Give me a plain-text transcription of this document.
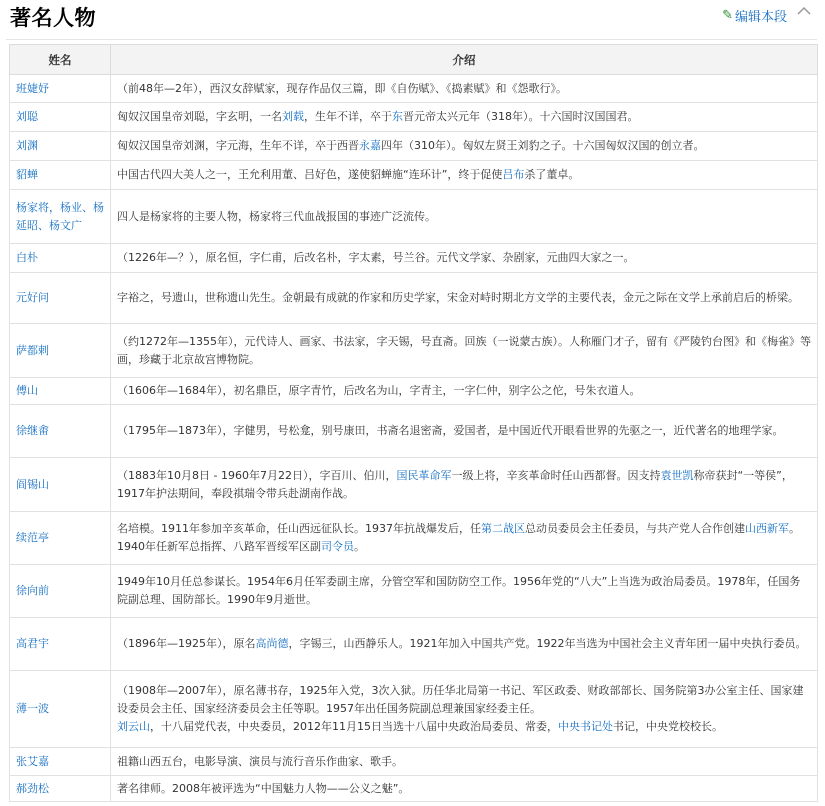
著名人物	✎ 编辑本段
姓名	介绍
班婕妤	（前48年—2年），西汉女辞赋家，现存作品仅三篇，即《自伤赋》、《捣素赋》和《怨歌行》。
刘聪	匈奴汉国皇帝刘聪，字玄明，一名刘载，生年不详，卒于东晋元帝太兴元年（318年）。十六国时汉国国君。
刘渊	匈奴汉国皇帝刘渊，字元海，生年不详，卒于西晋永嘉四年（310年）。匈奴左贤王刘豹之子。十六国匈奴汉国的创立者。
貂蝉	中国古代四大美人之一，王允利用董、吕好色，遂使貂蝉施“连环计”，终于促使吕布杀了董卓。
杨家将，杨业、杨延昭、杨文广	四人是杨家将的主要人物，杨家将三代血战报国的事迹广泛流传。
白朴	（1226年—？），原名恒，字仁甫，后改名朴，字太素，号兰谷。元代文学家、杂剧家，元曲四大家之一。
元好问	字裕之，号遗山，世称遗山先生。金朝最有成就的作家和历史学家，宋金对峙时期北方文学的主要代表，金元之际在文学上承前启后的桥梁。
萨都剌	（约1272年—1355年），元代诗人、画家、书法家，字天锡，号直斋。回族（一说蒙古族）。人称雁门才子，留有《严陵钓台图》和《梅雀》等画，珍藏于北京故宫博物院。
傅山	（1606年—1684年），初名鼎臣，原字青竹，后改名为山，字青主，一字仁仲，别字公之佗，号朱衣道人。
徐继畬	（1795年—1873年），字健男，号松龛，别号康田，书斋名退密斋，爱国者，是中国近代开眼看世界的先驱之一，近代著名的地理学家。
阎锡山	（1883年10月8日 - 1960年7月22日），字百川、伯川，国民革命军一级上将，辛亥革命时任山西都督。因支持袁世凯称帝获封“一等侯”，1917年护法期间，奉段祺瑞令带兵赴湖南作战。
续范亭	名培模。1911年参加辛亥革命，任山西远征队长。1937年抗战爆发后，任第二战区总动员委员会主任委员，与共产党人合作创建山西新军。1940年任新军总指挥、八路军晋绥军区副司令员。
徐向前	1949年10月任总参谋长。1954年6月任军委副主席，分管空军和国防防空工作。1956年党的“八大”上当选为政治局委员。1978年，任国务院副总理、国防部长。1990年9月逝世。
高君宇	（1896年—1925年），原名高尚德，字锡三，山西静乐人。1921年加入中国共产党。1922年当选为中国社会主义青年团一届中央执行委员。
薄一波	（1908年—2007年），原名薄书存，1925年入党，3次入狱。历任华北局第一书记、军区政委、财政部部长、国务院第3办公室主任、国家建设委员会主任、国家经济委员会主任等职。1957年出任国务院副总理兼国家经委主任。
刘云山，十八届党代表，中央委员，2012年11月15日当选十八届中央政治局委员、常委，中央书记处书记，中央党校校长。
张艾嘉	祖籍山西五台，电影导演、演员与流行音乐作曲家、歌手。
郝劲松	著名律师。2008年被评选为“中国魅力人物——公义之魅”。
